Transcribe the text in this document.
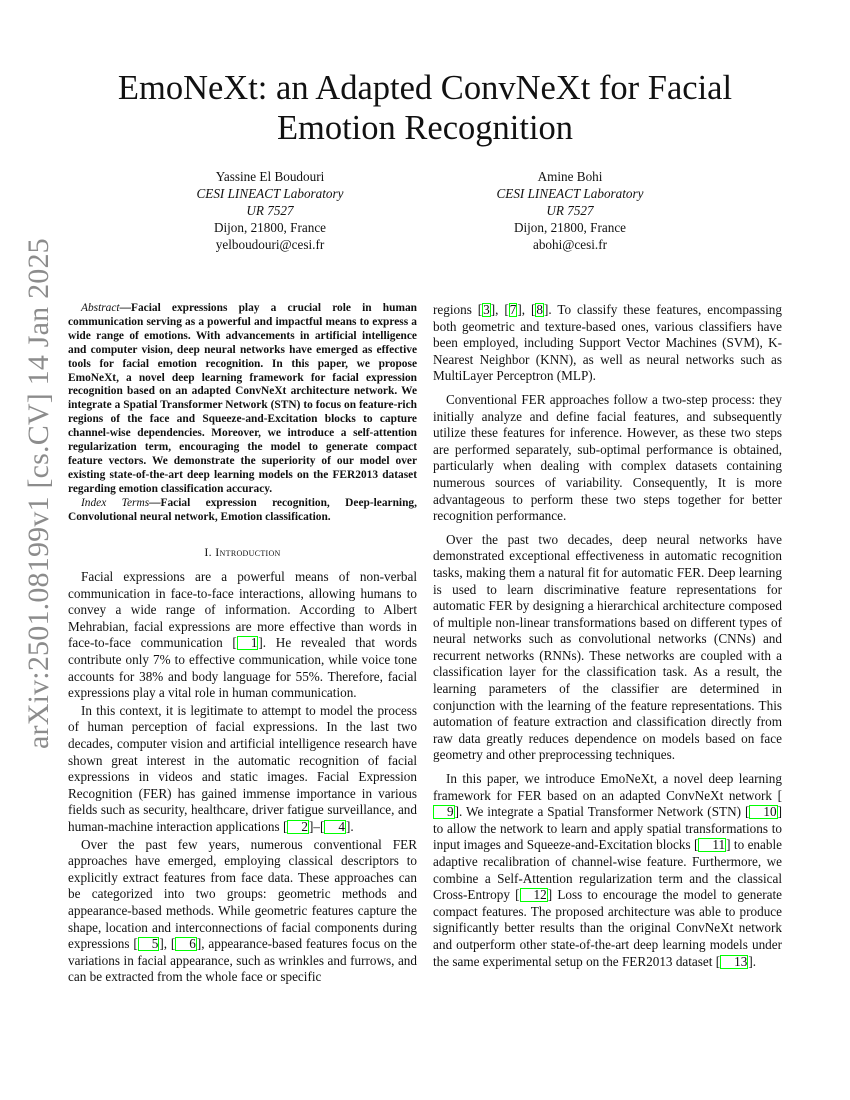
arXiv:2501.08199v1 [cs.CV] 14 Jan 2025
EmoNeXt: an Adapted ConvNeXt for Facial
Emotion Recognition
Yassine El Boudouri
CESI LINEACT Laboratory
UR 7527
Dijon, 21800, France
yelboudouri@cesi.fr
Amine Bohi
CESI LINEACT Laboratory
UR 7527
Dijon, 21800, France
abohi@cesi.fr

Abstract—Facial expressions play a crucial role in human communication serving as a powerful and impactful means to express a wide range of emotions. With advancements in artificial intelligence and computer vision, deep neural networks have emerged as effective tools for facial emotion recognition. In this paper, we propose EmoNeXt, a novel deep learning framework for facial expression recognition based on an adapted ConvNeXt architecture network. We integrate a Spatial Transformer Network (STN) to focus on feature-rich regions of the face and Squeeze-and-Excitation blocks to capture channel-wise dependencies. Moreover, we introduce a self-attention regularization term, encouraging the model to generate compact feature vectors. We demonstrate the superiority of our model over existing state-of-the-art deep learning models on the FER2013 dataset regarding emotion classification accuracy.

Index Terms—Facial expression recognition, Deep-learning, Convolutional neural network, Emotion classification.

I. Introduction

Facial expressions are a powerful means of non-verbal communication in face-to-face interactions, allowing humans to convey a wide range of information. According to Albert Mehrabian, facial expressions are more effective than words in face-to-face communication [ 1]. He revealed that words contribute only 7% to effective communication, while voice tone accounts for 38% and body language for 55%. Therefore, facial expressions play a vital role in human communication.

In this context, it is legitimate to attempt to model the process of human perception of facial expressions. In the last two decades, computer vision and artificial intelligence research have shown great interest in the automatic recognition of facial expressions in videos and static images. Facial Expression Recognition (FER) has gained immense importance in various fields such as security, healthcare, driver fatigue surveillance, and human-machine interaction applications [ 2]–[ 4].

Over the past few years, numerous conventional FER approaches have emerged, employing classical descriptors to explicitly extract features from face data. These approaches can be categorized into two groups: geometric methods and appearance-based methods. While geometric features capture the shape, location and interconnections of facial components during expressions [ 5], [ 6], appearance-based features focus on the variations in facial appearance, such as wrinkles and furrows, and can be extracted from the whole face or specific

regions [3], [7], [8]. To classify these features, encompassing both geometric and texture-based ones, various classifiers have been employed, including Support Vector Machines (SVM), K-Nearest Neighbor (KNN), as well as neural networks such as MultiLayer Perceptron (MLP).

Conventional FER approaches follow a two-step process: they initially analyze and define facial features, and subsequently utilize these features for inference. However, as these two steps are performed separately, sub-optimal performance is obtained, particularly when dealing with complex datasets containing numerous sources of variability. Consequently, It is more advantageous to perform these two steps together for better recognition performance.

Over the past two decades, deep neural networks have demonstrated exceptional effectiveness in automatic recognition tasks, making them a natural fit for automatic FER. Deep learning is used to learn discriminative feature representations for automatic FER by designing a hierarchical architecture composed of multiple non-linear transformations based on different types of neural networks such as convolutional networks (CNNs) and recurrent networks (RNNs). These networks are coupled with a classification layer for the classification task. As a result, the learning parameters of the classifier are determined in conjunction with the learning of the feature representations. This automation of feature extraction and classification directly from raw data greatly reduces dependence on models based on face geometry and other preprocessing techniques.

In this paper, we introduce EmoNeXt, a novel deep learning framework for FER based on an adapted ConvNeXt network [9]. We integrate a Spatial Transformer Network (STN) [ 10] to allow the network to learn and apply spatial transformations to input images and Squeeze-and-Excitation blocks [ 11] to enable adaptive recalibration of channel-wise feature. Furthermore, we combine a Self-Attention regularization term and the classical Cross-Entropy [ 12] Loss to encourage the model to generate compact features. The proposed architecture was able to produce significantly better results than the original ConvNeXt network and outperform other state-of-the-art deep learning models under the same experimental setup on the FER2013 dataset [ 13].
